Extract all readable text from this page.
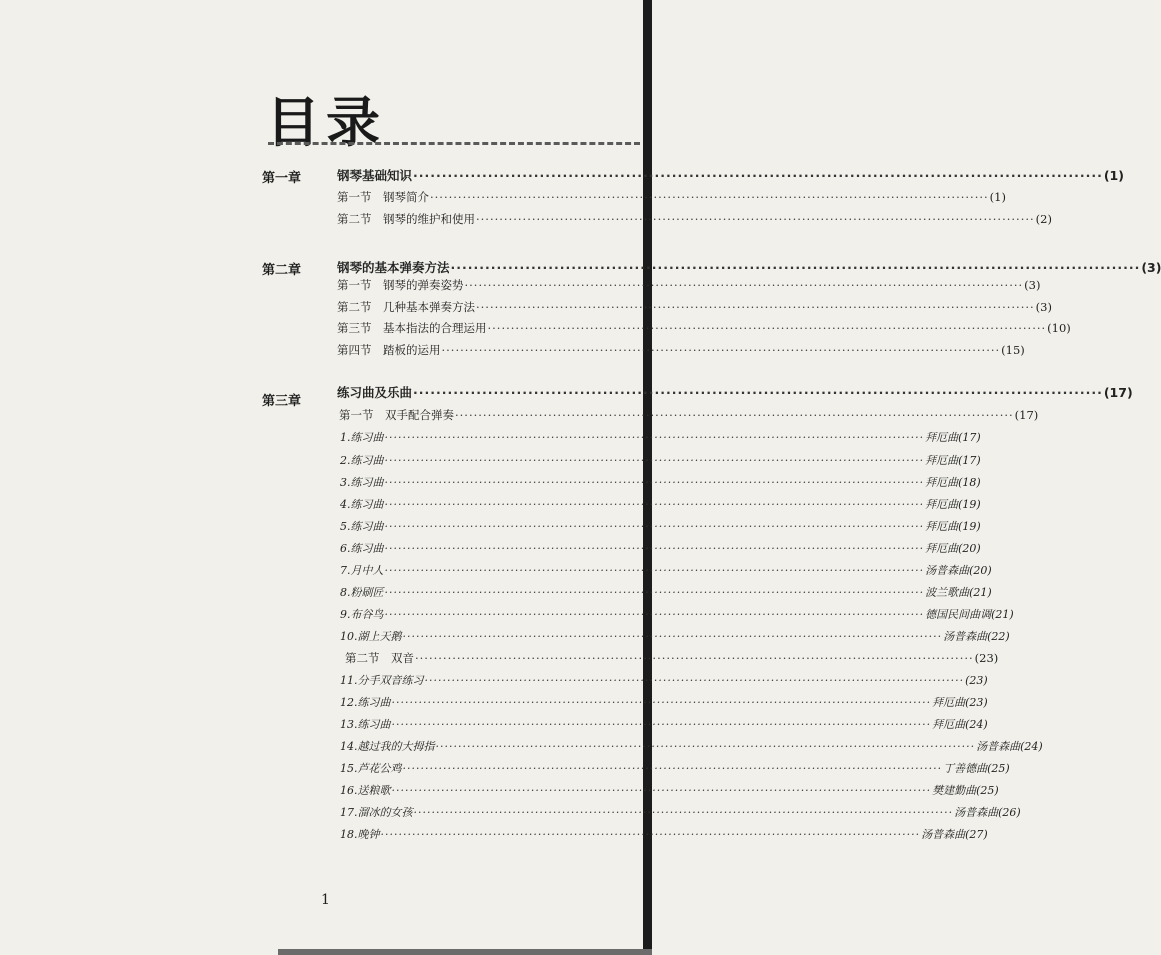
目录
第一章	钢琴基础知识 ························································································································ (1)
第一节　钢琴简介 ························································································································ (1)
第二节　钢琴的维护和使用 ························································································································ (2)
第二章	钢琴的基本弹奏方法 ························································································································ (3)
第一节　钢琴的弹奏姿势 ························································································································ (3)
第二节　几种基本弹奏方法 ························································································································ (3)
第三节　基本指法的合理运用 ························································································································ (10)
第四节　踏板的运用 ························································································································ (15)
第三章
练习曲及乐曲 ························································································································ (17)
第一节　双手配合弹奏 ························································································································ (17)
1.练习曲 ························································································································ 拜厄曲(17)
2.练习曲 ························································································································ 拜厄曲(17)
3.练习曲 ························································································································ 拜厄曲(18)
4.练习曲 ························································································································ 拜厄曲(19)
5.练习曲 ························································································································ 拜厄曲(19)
6.练习曲 ························································································································ 拜厄曲(20)
7.月中人 ························································································································ 汤普森曲(20)
8.粉刷匠 ························································································································ 波兰歌曲(21)
9.布谷鸟 ························································································································ 德国民间曲调(21)
10.湖上天鹅 ························································································································ 汤普森曲(22)
第二节　双音 ························································································································ (23)
11.分手双音练习 ························································································································ (23)
12.练习曲 ························································································································ 拜厄曲(23)
13.练习曲 ························································································································ 拜厄曲(24)
14.越过我的大拇指 ························································································································ 汤普森曲(24)
15.芦花公鸡 ························································································································ 丁善德曲(25)
16.送粮歌 ························································································································ 樊建勤曲(25)
17.溜冰的女孩 ························································································································ 汤普森曲(26)
18.晚钟 ························································································································ 汤普森曲(27)
1
